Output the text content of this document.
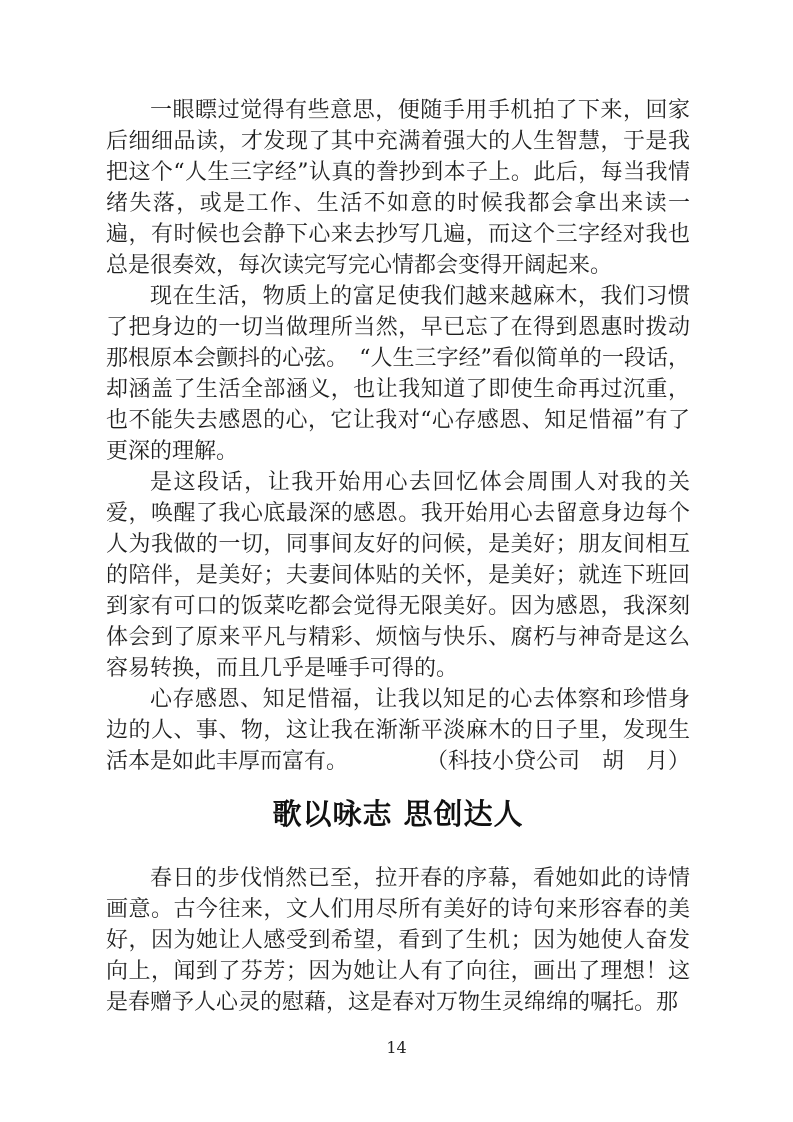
一眼瞟过觉得有些意思，便随手用手机拍了下来，回家后细细品读，才发现了其中充满着强大的人生智慧，于是我把这个“人生三字经”认真的誊抄到本子上。此后，每当我情绪失落，或是工作、生活不如意的时候我都会拿出来读一遍，有时候也会静下心来去抄写几遍，而这个三字经对我也总是很奏效，每次读完写完心情都会变得开阔起来。

现在生活，物质上的富足使我们越来越麻木，我们习惯了把身边的一切当做理所当然，早已忘了在得到恩惠时拨动那根原本会颤抖的心弦。　“人生三字经”看似简单的一段话，却涵盖了生活全部涵义，也让我知道了即使生命再过沉重，也不能失去感恩的心，它让我对“心存感恩、知足惜福”有了更深的理解。

是这段话，让我开始用心去回忆体会周围人对我的关爱，唤醒了我心底最深的感恩。我开始用心去留意身边每个人为我做的一切，同事间友好的问候，是美好；朋友间相互的陪伴，是美好；夫妻间体贴的关怀，是美好；就连下班回到家有可口的饭菜吃都会觉得无限美好。因为感恩，我深刻体会到了原来平凡与精彩、烦恼与快乐、腐朽与神奇是这么容易转换，而且几乎是唾手可得的。

心存感恩、知足惜福，让我以知足的心去体察和珍惜身边的人、事、物，这让我在渐渐平淡麻木的日子里，发现生活本是如此丰厚而富有。	（科技小贷公司　胡　月）

歌以咏志 思创达人

春日的步伐悄然已至，拉开春的序幕，看她如此的诗情画意。古今往来，文人们用尽所有美好的诗句来形容春的美好，因为她让人感受到希望，看到了生机；因为她使人奋发向上，闻到了芬芳；因为她让人有了向往，画出了理想！这是春赠予人心灵的慰藉，这是春对万物生灵绵绵的嘱托。那

14
